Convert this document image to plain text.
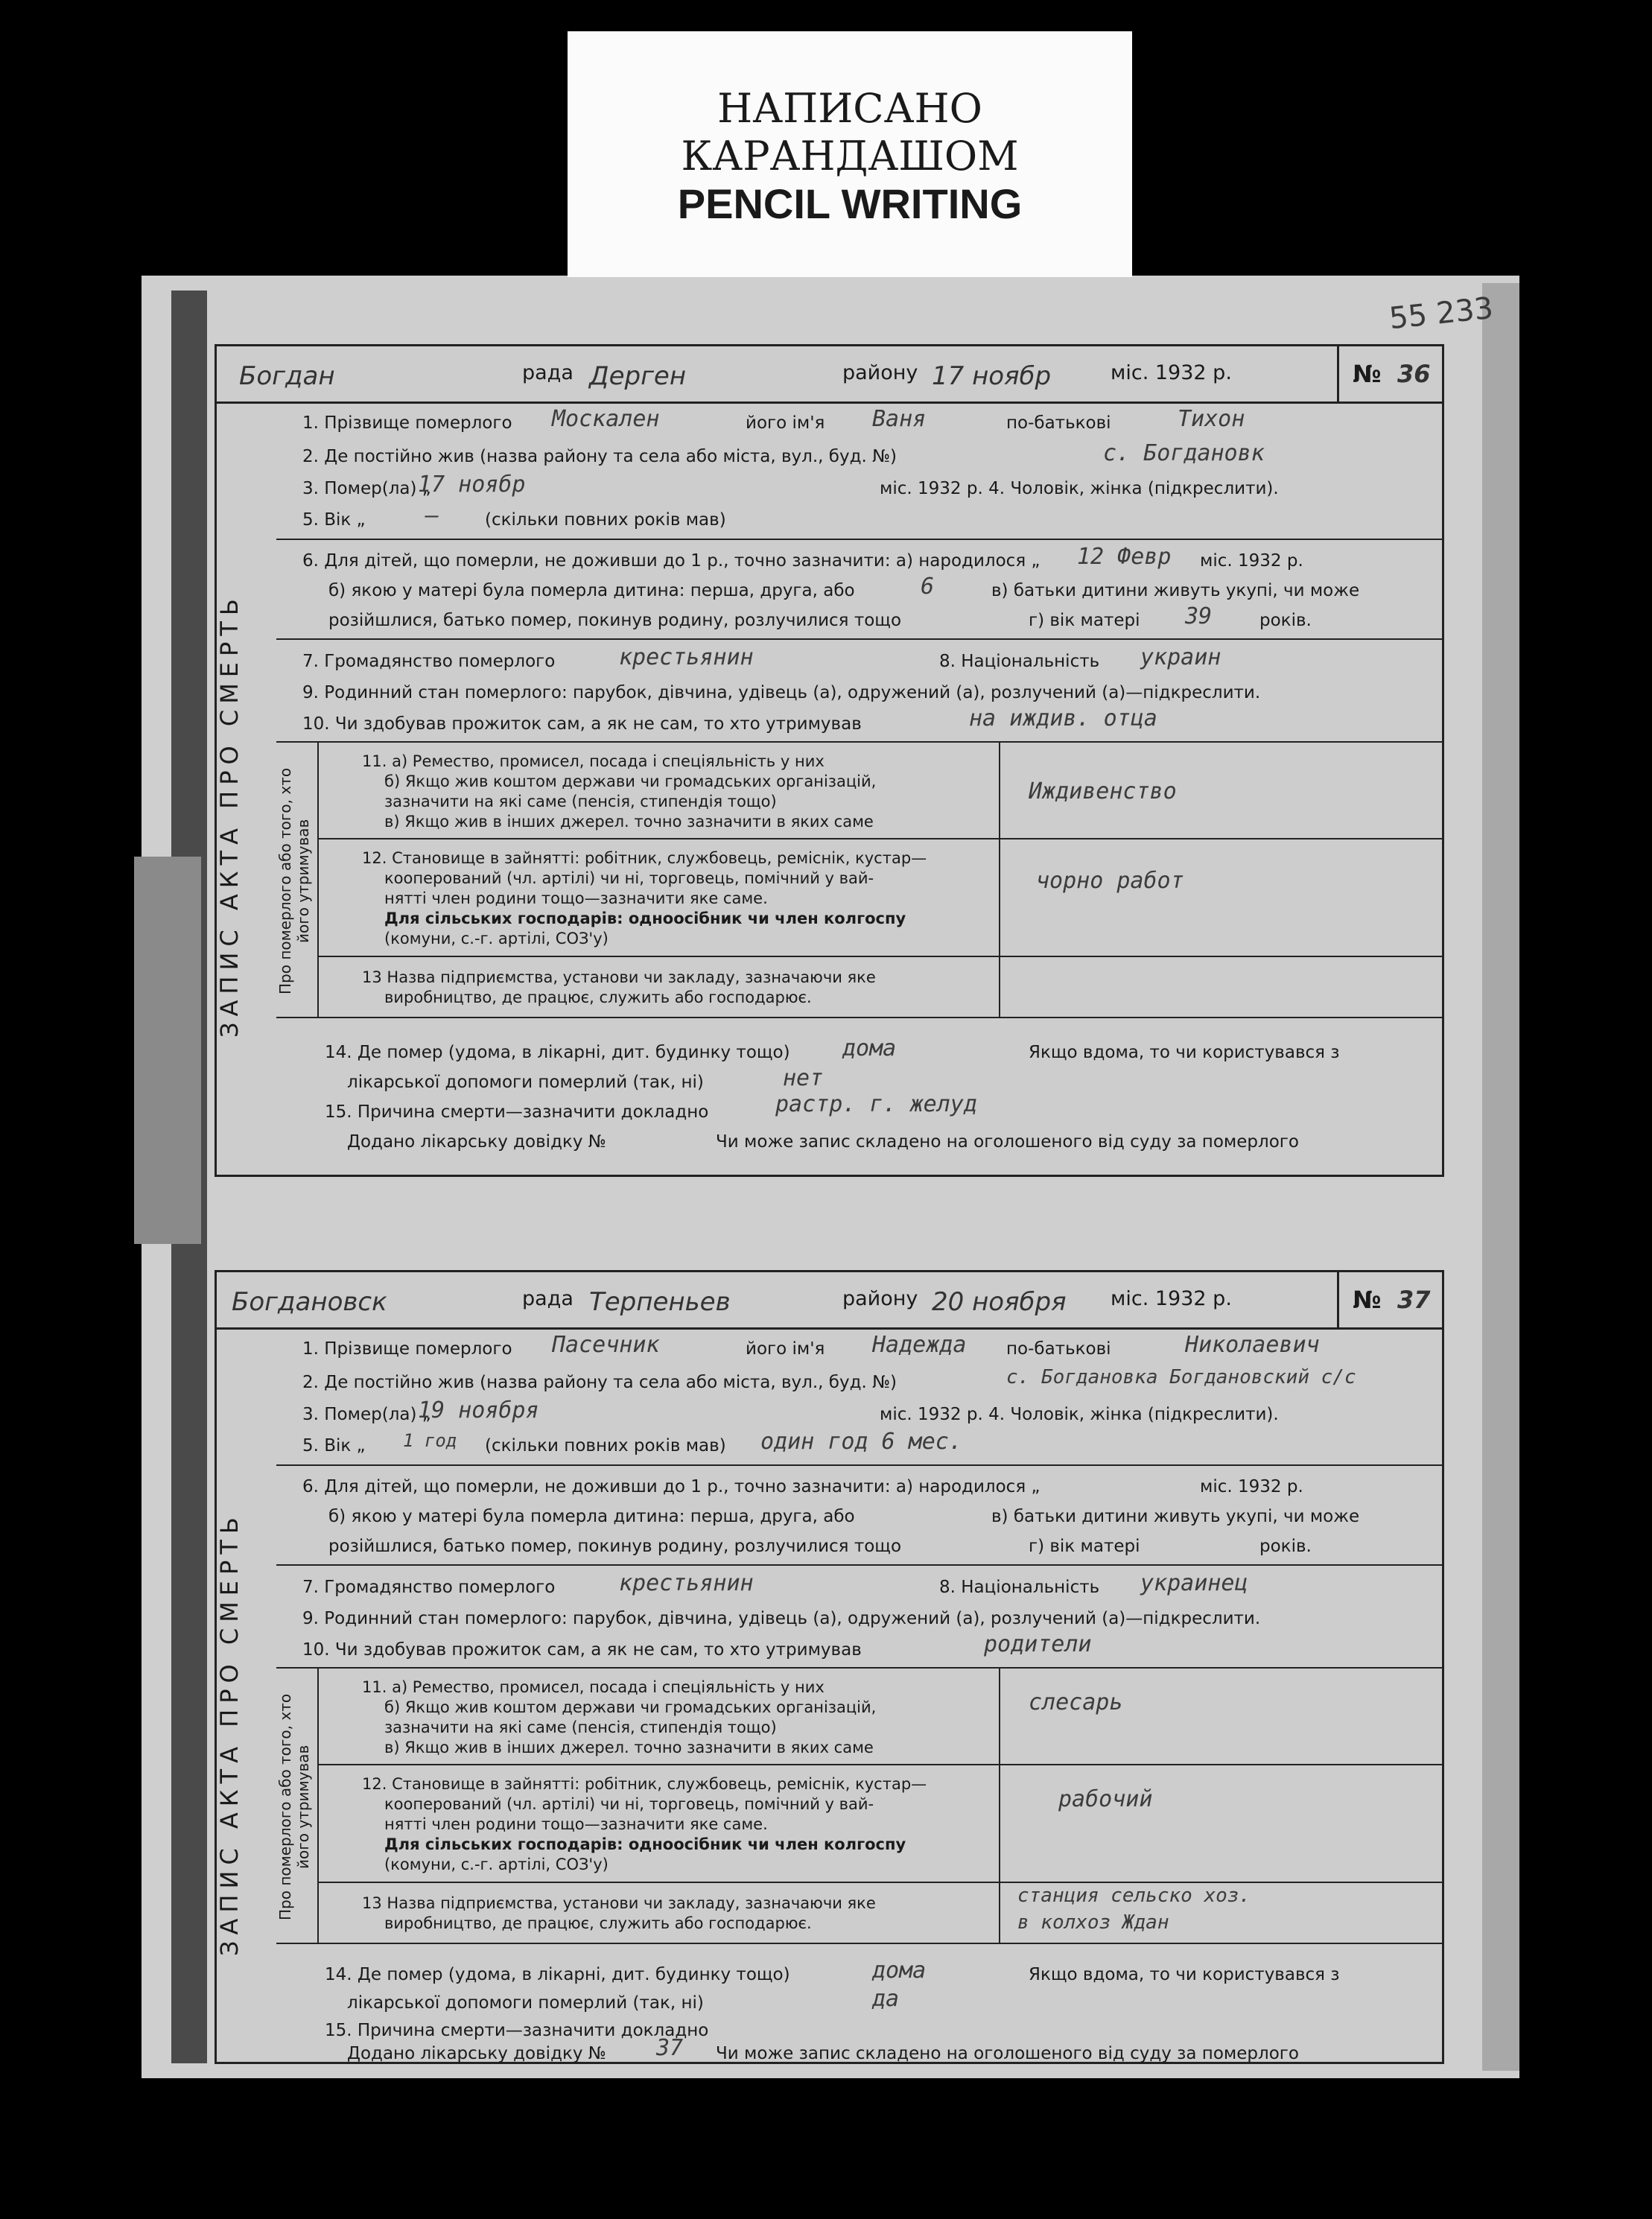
НАПИСАНО
КАРАНДАШОМ
PENCIL WRITING
55 233
ЗАПИС АКТА ПРО СМЕРТЬ
Богдан	рада Дерген	району 17 ноябр	міс. 1932 р.	№ 36
1. Прізвище померлого Москален	його ім'я Ваня	по-батькові	Тихон
2. Де постійно жив (назва району та села або міста, вул., буд. №)	с. Богдановк
3. Помер(ла) „
17 ноябр	міс. 1932 р. 4. Чоловік, жінка (підкреслити).
5. Вік „	—	(скільки повних років мав)
6. Для дітей, що померли, не доживши до 1 р., точно зазначити: а) народилося „ 12 Февр міс. 1932 р.
б) якою у матері була померла дитина: перша, друга, або	6	в) батьки дитини живуть укупі, чи може
розійшлися, батько помер, покинув родину, розлучилися тощо	г) вік матері 39	років.
7. Громадянство померлого	крестьянин	8. Національність украин
9. Родинний стан померлого: парубок, дівчина, удівець (а), одружений (а), розлучений (а)—підкреслити.
10. Чи здобував прожиток сам, а як не сам, то хто утримував	на иждив. отца
Про померлого або того, хто його утримував
11. а) Ремество, промисел, посада і спеціяльність у них
б) Якщо жив коштом держави чи громадських організацій,
зазначити на які саме (пенсія, стипендія тощо)
в) Якщо жив в інших джерел. точно зазначити в яких саме
Иждивенство
12. Становище в зайнятті: робітник, службовець, реміснік, кустар—
кооперований (чл. артілі) чи ні, торговець, помічний у вай-
нятті член родини тощо—зазначити яке саме.
Для сільських господарів: одноосібник чи член колгоспу
(комуни, с.-г. артілі, СОЗ'у)
чорно работ
13 Назва підприємства, установи чи закладу, зазначаючи яке
виробництво, де працює, служить або господарює.
14. Де помер (удома, в лікарні, дит. будинку тощо) дома	Якщо вдома, то чи користувався з
лікарської допомоги померлий (так, ні)	нет
15. Причина смерти—зазначити докладно	растр. г. желуд
Додано лікарську довідку №	Чи може запис складено на оголошеного від суду за померлого
ЗАПИС АКТА ПРО СМЕРТЬ
Богдановск	рада Терпеньев	району 20 ноября міс. 1932 р.	№ 37
1. Прізвище померлого Пасечник	його ім'я Надежда по-батькові	Николаевич
2. Де постійно жив (назва району та села або міста, вул., буд. №)	с. Богдановка Богдановский с/с
3. Помер(ла) „
19 ноября	міс. 1932 р. 4. Чоловік, жінка (підкреслити).
5. Вік „ 1 год (скільки повних років мав) один год 6 мес.
6. Для дітей, що померли, не доживши до 1 р., точно зазначити: а) народилося „	міс. 1932 р.
б) якою у матері була померла дитина: перша, друга, або	в) батьки дитини живуть укупі, чи може
розійшлися, батько помер, покинув родину, розлучилися тощо	г) вік матері	років.
7. Громадянство померлого	крестьянин	8. Національність украинец
9. Родинний стан померлого: парубок, дівчина, удівець (а), одружений (а), розлучений (а)—підкреслити.
10. Чи здобував прожиток сам, а як не сам, то хто утримував	родители
Про померлого або того, хто його утримував
11. а) Ремество, промисел, посада і спеціяльність у них
б) Якщо жив коштом держави чи громадських організацій,
зазначити на які саме (пенсія, стипендія тощо)
в) Якщо жив в інших джерел. точно зазначити в яких саме
слесарь
12. Становище в зайнятті: робітник, службовець, реміснік, кустар—
кооперований (чл. артілі) чи ні, торговець, помічний у вай-
нятті член родини тощо—зазначити яке саме.
Для сільських господарів: одноосібник чи член колгоспу
(комуни, с.-г. артілі, СОЗ'у)
рабочий
13 Назва підприємства, установи чи закладу, зазначаючи яке
виробництво, де працює, служить або господарює.
станция сельско хоз.
в колхоз Ждан
14. Де помер (удома, в лікарні, дит. будинку тощо)	дома	Якщо вдома, то чи користувався з
лікарської допомоги померлий (так, ні)	да
15. Причина смерти—зазначити докладно
Додано лікарську довідку № 37 Чи може запис складено на оголошеного від суду за померлого
